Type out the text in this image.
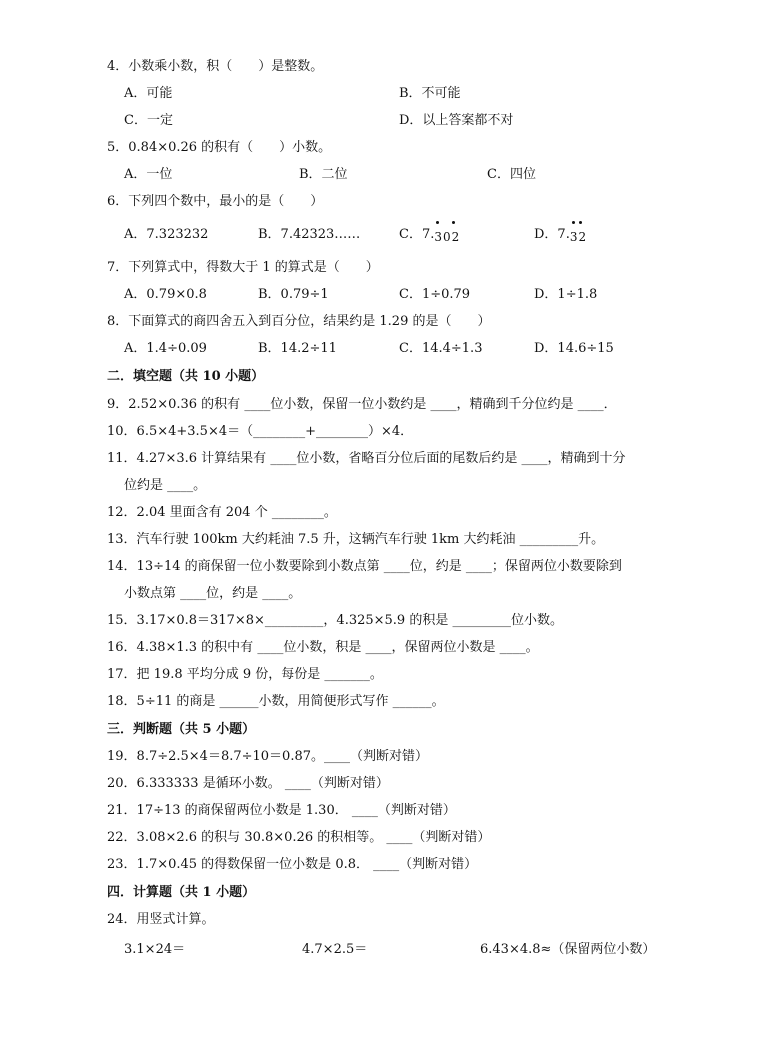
4．小数乘小数，积（　　）是整数。
A．可能	B．不可能
C．一定	D．以上答案都不对
5．0.84×0.26 的积有（　　）小数。
A．一位	B．二位	C．四位
6．下列四个数中，最小的是（　　）
A．7.323232	B．7.42323……	C．7.
302	D．7.
32
7．下列算式中，得数大于 1 的算式是（　　）
A．0.79×0.8	B．0.79÷1	C．1÷0.79	D．1÷1.8
8．下面算式的商四舍五入到百分位，结果约是 1.29 的是（　　）
A．1.4÷0.09	B．14.2÷11	C．14.4÷1.3	D．14.6÷15
二．填空题（共 10 小题）
9．2.52×0.36 的积有 ____位小数，保留一位小数约是 ____，精确到千分位约是 ____．
10．6.5×4+3.5×4＝（________+________）×4．
11．4.27×3.6 计算结果有 ____位小数，省略百分位后面的尾数后约是 ____，精确到十分
位约是 ____。
12．2.04 里面含有 204 个 ________。
13．汽车行驶 100km 大约耗油 7.5 升，这辆汽车行驶 1km 大约耗油 _________升。
14．13÷14 的商保留一位小数要除到小数点第 ____位，约是 ____；保留两位小数要除到
小数点第 ____位，约是 ____。
15．3.17×0.8＝317×8×_________，4.325×5.9 的积是 _________位小数。
16．4.38×1.3 的积中有 ____位小数，积是 ____，保留两位小数是 ____。
17．把 19.8 平均分成 9 份，每份是 _______。
18．5÷11 的商是 ______小数，用简便形式写作 ______。
三．判断题（共 5 小题）
19．8.7÷2.5×4＝8.7÷10＝0.87。____（判断对错）
20．6.333333 是循环小数。 ____（判断对错）
21．17÷13 的商保留两位小数是 1.30． ____（判断对错）
22．3.08×2.6 的积与 30.8×0.26 的积相等。 ____（判断对错）
23．1.7×0.45 的得数保留一位小数是 0.8． ____（判断对错）
四．计算题（共 1 小题）
24．用竖式计算。
3.1×24＝	4.7×2.5＝	6.43×4.8≈（保留两位小数）
